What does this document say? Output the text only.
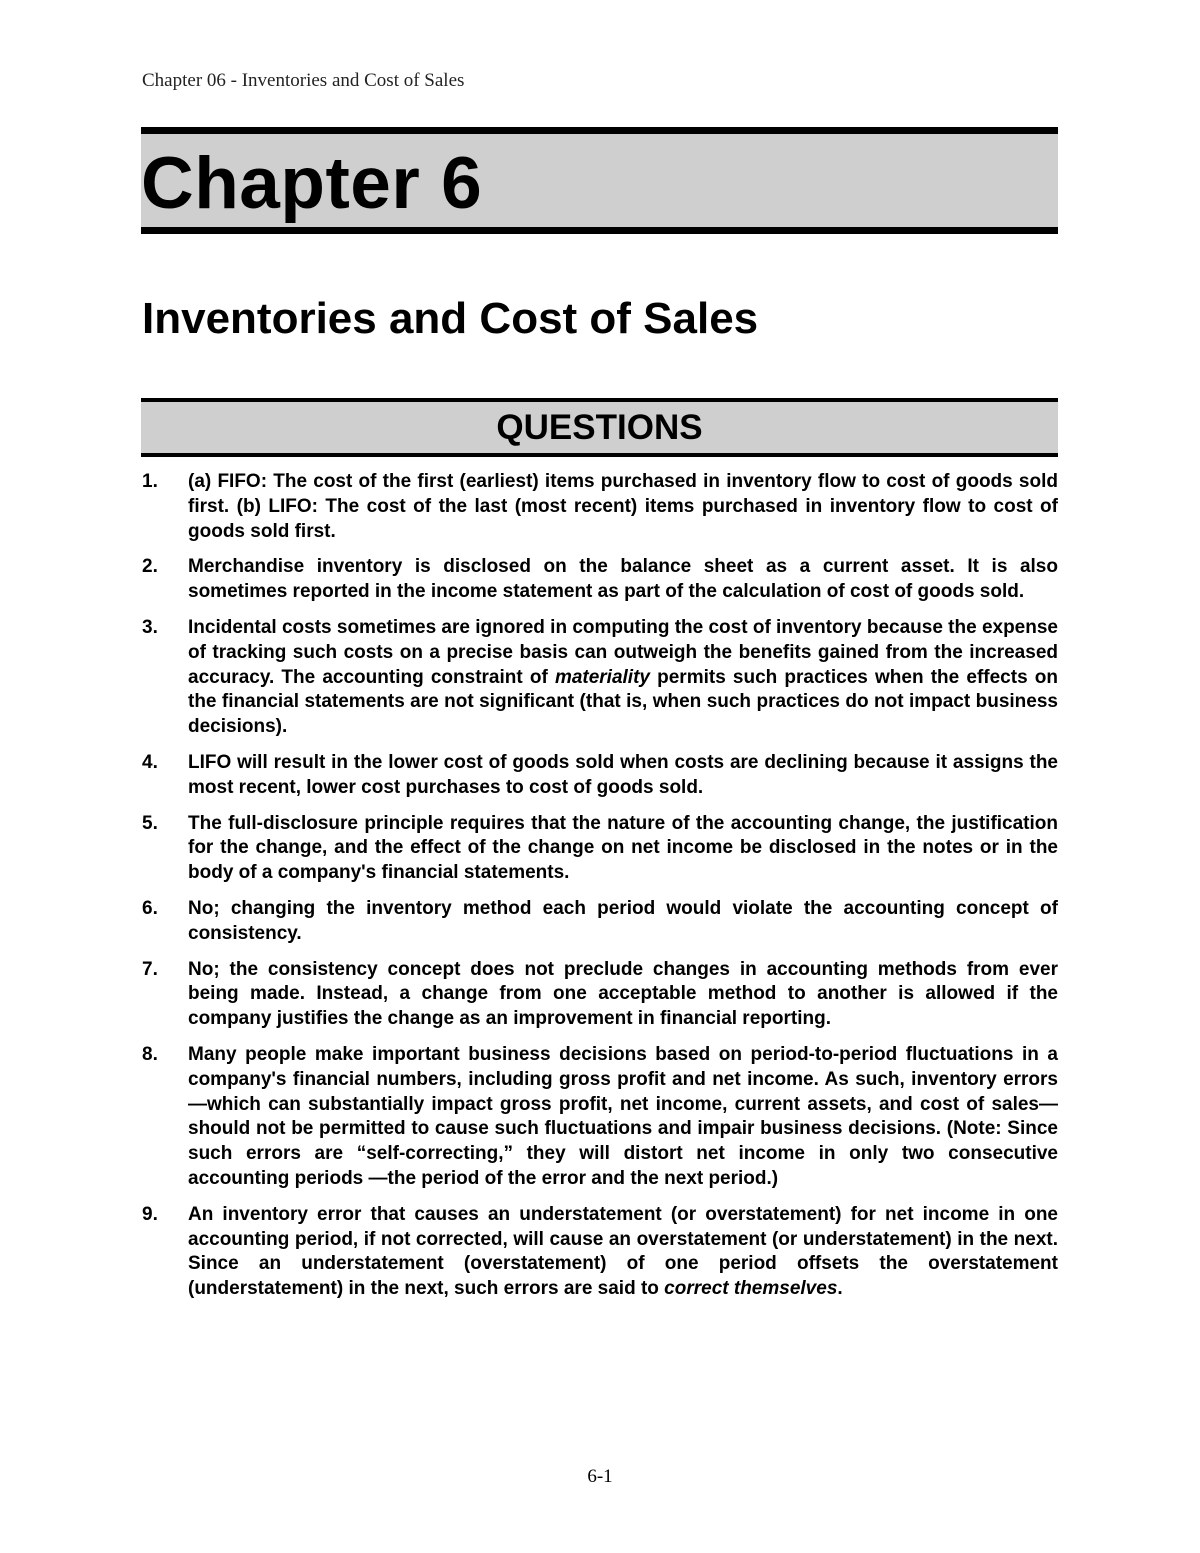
Chapter 06 - Inventories and Cost of Sales

Chapter 6
Inventories and Cost of Sales
QUESTIONS
1. (a) FIFO: The cost of the first (earliest) items purchased in inventory flow to cost of goods sold first. (b) LIFO: The cost of the last (most recent) items purchased in inventory flow to cost of goods sold first.
2. Merchandise inventory is disclosed on the balance sheet as a current asset. It is also sometimes reported in the income statement as part of the calculation of cost of goods sold.
3. Incidental costs sometimes are ignored in computing the cost of inventory because the expense of tracking such costs on a precise basis can outweigh the benefits gained from the increased accuracy. The accounting constraint of materiality permits such practices when the effects on the financial statements are not significant (that is, when such practices do not impact business decisions).
4. LIFO will result in the lower cost of goods sold when costs are declining because it assigns the most recent, lower cost purchases to cost of goods sold.
5. The full-disclosure principle requires that the nature of the accounting change, the justification for the change, and the effect of the change on net income be disclosed in the notes or in the body of a company's financial statements.
6. No; changing the inventory method each period would violate the accounting concept of consistency.
7. No; the consistency concept does not preclude changes in accounting methods from ever being made. Instead, a change from one acceptable method to another is allowed if the company justifies the change as an improvement in financial reporting.
8. Many people make important business decisions based on period-to-period fluctuations in a company's financial numbers, including gross profit and net income. As such, inventory errors—which can substantially impact gross profit, net income, current assets, and cost of sales—should not be permitted to cause such fluctuations and impair business decisions. (Note: Since such errors are “self-correcting,” they will distort net income in only two consecutive accounting periods —the period of the error and the next period.)
9. An inventory error that causes an understatement (or overstatement) for net income in one accounting period, if not corrected, will cause an overstatement (or understatement) in the next. Since an understatement (overstatement) of one period offsets the overstatement (understatement) in the next, such errors are said to correct themselves.

6-1
